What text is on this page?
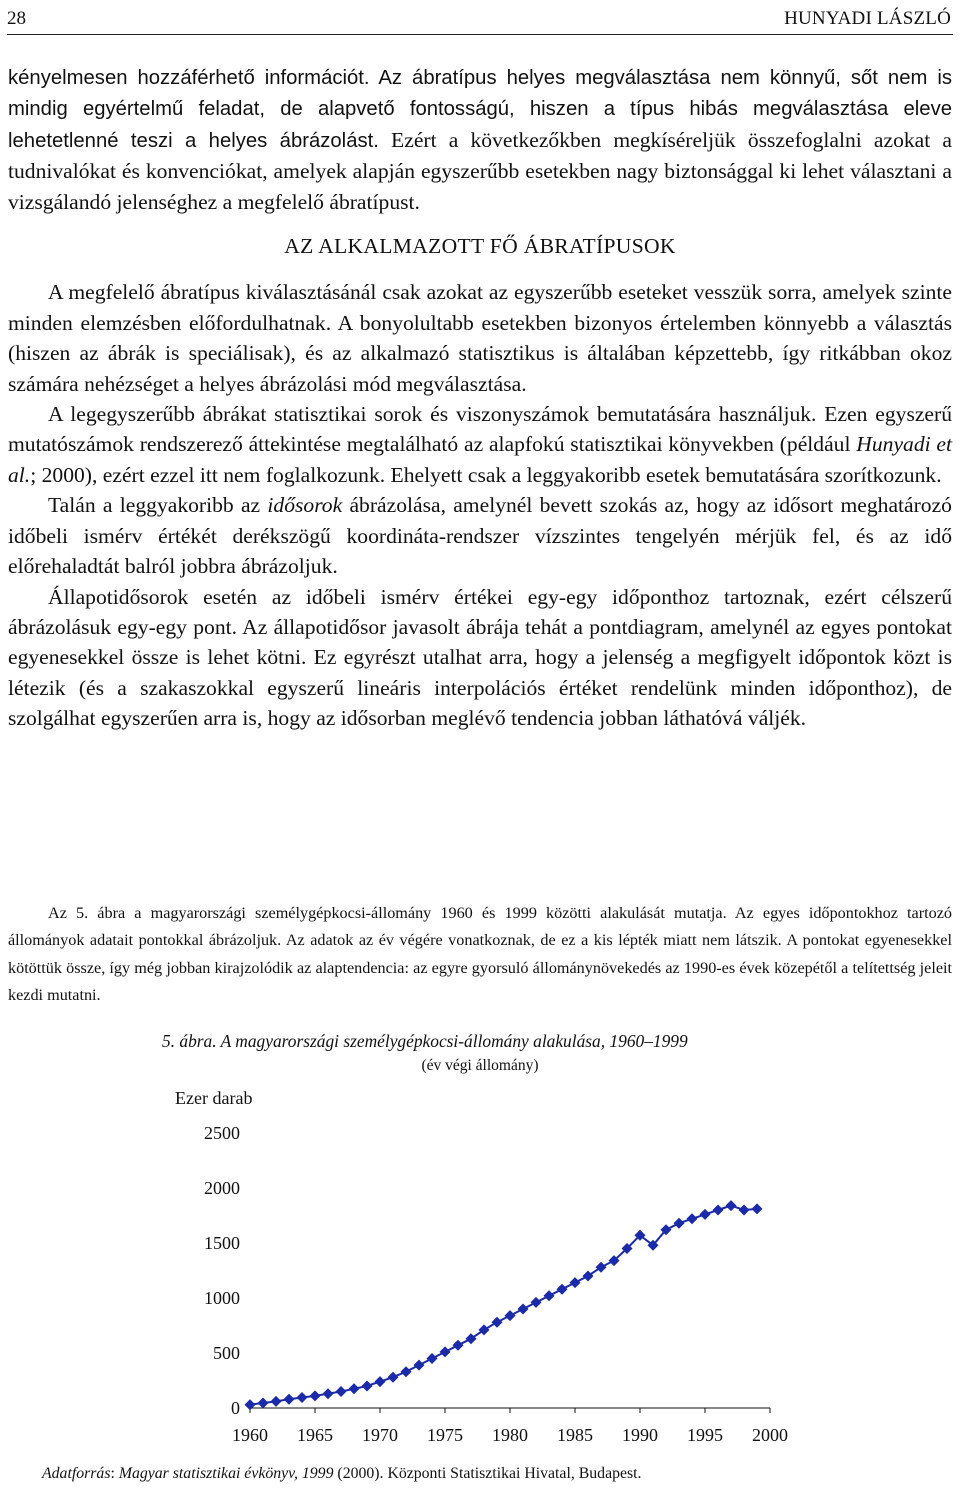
28	HUNYADI LÁSZLÓ

kényelmesen hozzáférhető információt. Az ábratípus helyes megválasztása nem könnyű, sőt nem is mindig egyértelmű feladat, de alapvető fontosságú, hiszen a típus hibás megválasztása eleve lehetetlenné teszi a helyes ábrázolást. Ezért a következőkben megkíséreljük összefoglalni azokat a tudnivalókat és konvenciókat, amelyek alapján egyszerűbb esetekben nagy biztonsággal ki lehet választani a vizsgálandó jelenséghez a megfelelő ábratípust.

AZ ALKALMAZOTT FŐ ÁBRATÍPUSOK

A megfelelő ábratípus kiválasztásánál csak azokat az egyszerűbb eseteket vesszük sorra, amelyek szinte minden elemzésben előfordulhatnak. A bonyolultabb esetekben bizonyos értelemben könnyebb a választás (hiszen az ábrák is speciálisak), és az alkalmazó statisztikus is általában képzettebb, így ritkábban okoz számára nehézséget a helyes ábrázolási mód megválasztása.

A legegyszerűbb ábrákat statisztikai sorok és viszonyszámok bemutatására használjuk. Ezen egyszerű mutatószámok rendszerező áttekintése megtalálható az alapfokú statisztikai könyvekben (például Hunyadi et al.; 2000), ezért ezzel itt nem foglalkozunk. Ehelyett csak a leggyakoribb esetek bemutatására szorítkozunk.

Talán a leggyakoribb az idősorok ábrázolása, amelynél bevett szokás az, hogy az idősort meghatározó időbeli ismérv értékét derékszögű koordináta-rendszer vízszintes tengelyén mérjük fel, és az idő előrehaladtát balról jobbra ábrázoljuk.

Állapotidősorok esetén az időbeli ismérv értékei egy-egy időponthoz tartoznak, ezért célszerű ábrázolásuk egy-egy pont. Az állapotidősor javasolt ábrája tehát a pontdiagram, amelynél az egyes pontokat egyenesekkel össze is lehet kötni. Ez egyrészt utalhat arra, hogy a jelenség a megfigyelt időpontok közt is létezik (és a szakaszokkal egyszerű lineáris interpolációs értéket rendelünk minden időponthoz), de szolgálhat egyszerűen arra is, hogy az idősorban meglévő tendencia jobban láthatóvá váljék.

Az 5. ábra a magyarországi személygépkocsi-állomány 1960 és 1999 közötti alakulását mutatja. Az egyes időpontokhoz tartozó állományok adatait pontokkal ábrázoljuk. Az adatok az év végére vonatkoznak, de ez a kis lépték miatt nem látszik. A pontokat egyenesekkel kötöttük össze, így még jobban kirajzolódik az alaptendencia: az egyre gyorsuló állománynövekedés az 1990-es évek közepétől a telítettség jeleit kezdi mutatni.

5. ábra. A magyarországi személygépkocsi-állomány alakulása, 1960–1999
(év végi állomány)
Ezer darab
0
500
1000
1500
2000
2500
1960 1965 1970 1975 1980 1985 1990 1995 2000
Adatforrás: Magyar statisztikai évkönyv, 1999 (2000). Központi Statisztikai Hivatal, Budapest.
